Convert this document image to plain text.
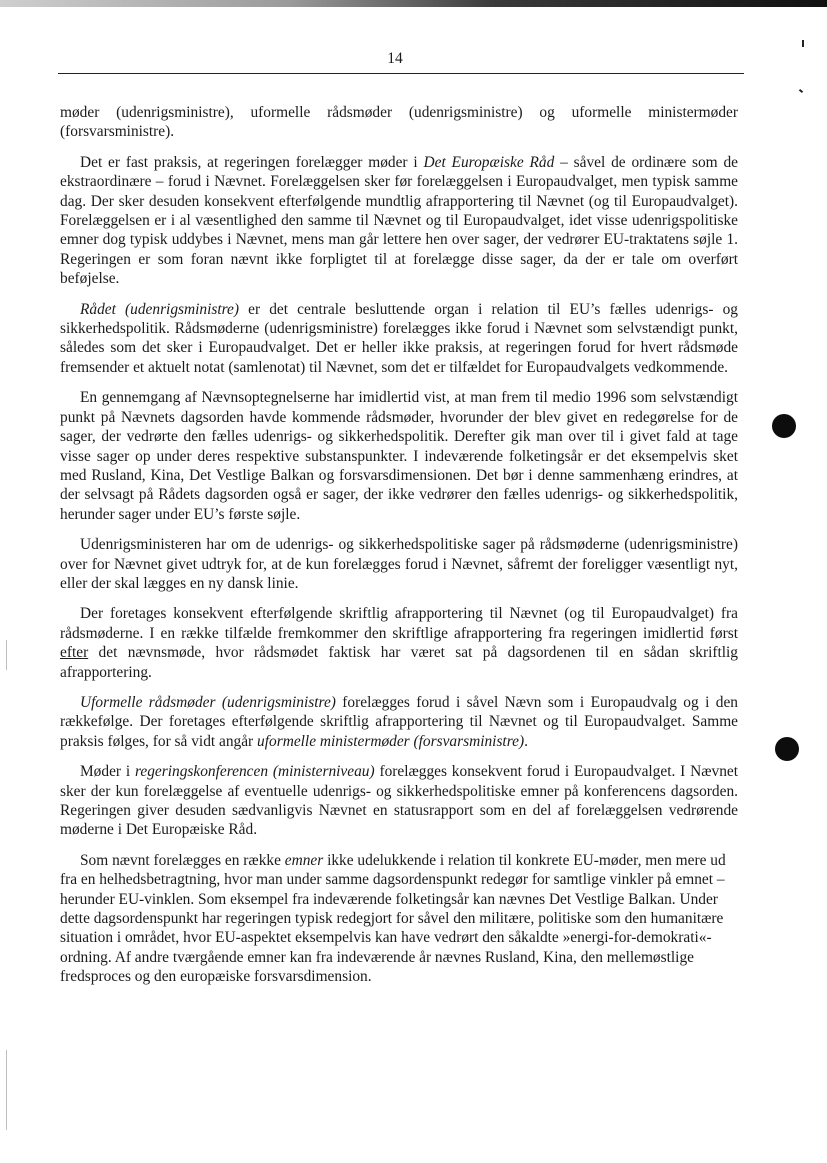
14

møder (udenrigsministre), uformelle rådsmøder (udenrigsministre) og uformelle ministermøder (forsvarsministre).

Det er fast praksis, at regeringen forelægger møder i Det Europæiske Råd – såvel de ordinære som de ekstraordinære – forud i Nævnet. Forelæggelsen sker før forelæggelsen i Europaudvalget, men typisk samme dag. Der sker desuden konsekvent efterfølgende mundtlig afrapportering til Nævnet (og til Europaudvalget). Forelæggelsen er i al væsentlighed den samme til Nævnet og til Europaudvalget, idet visse udenrigspolitiske emner dog typisk uddybes i Nævnet, mens man går lettere hen over sager, der vedrører EU-traktatens søjle 1. Regeringen er som foran nævnt ikke forpligtet til at forelægge disse sager, da der er tale om overført beføjelse.

Rådet (udenrigsministre) er det centrale besluttende organ i relation til EU’s fælles udenrigs- og sikkerhedspolitik. Rådsmøderne (udenrigsministre) forelægges ikke forud i Nævnet som selvstændigt punkt, således som det sker i Europaudvalget. Det er heller ikke praksis, at regeringen forud for hvert rådsmøde fremsender et aktuelt notat (samlenotat) til Nævnet, som det er tilfældet for Europaudvalgets vedkommende.

En gennemgang af Nævnsoptegnelserne har imidlertid vist, at man frem til medio 1996 som selvstændigt punkt på Nævnets dagsorden havde kommende rådsmøder, hvorunder der blev givet en redegørelse for de sager, der vedrørte den fælles udenrigs- og sikkerhedspolitik. Derefter gik man over til i givet fald at tage visse sager op under deres respektive substanspunkter. I indeværende folketingsår er det eksempelvis sket med Rusland, Kina, Det Vestlige Balkan og forsvarsdimensionen. Det bør i denne sammenhæng erindres, at der selvsagt på Rådets dagsorden også er sager, der ikke vedrører den fælles udenrigs- og sikkerhedspolitik, herunder sager under EU’s første søjle.

Udenrigsministeren har om de udenrigs- og sikkerhedspolitiske sager på rådsmøderne (udenrigsministre) over for Nævnet givet udtryk for, at de kun forelægges forud i Nævnet, såfremt der foreligger væsentligt nyt, eller der skal lægges en ny dansk linie.

Der foretages konsekvent efterfølgende skriftlig afrapportering til Nævnet (og til Europaudvalget) fra rådsmøderne. I en række tilfælde fremkommer den skriftlige afrapportering fra regeringen imidlertid først efter det nævnsmøde, hvor rådsmødet faktisk har været sat på dagsordenen til en sådan skriftlig afrapportering.

Uformelle rådsmøder (udenrigsministre) forelægges forud i såvel Nævn som i Europaudvalg og i den rækkefølge. Der foretages efterfølgende skriftlig afrapportering til Nævnet og til Europaudvalget. Samme praksis følges, for så vidt angår uformelle ministermøder (forsvarsministre).

Møder i regeringskonferencen (ministerniveau) forelægges konsekvent forud i Europaudvalget. I Nævnet sker der kun forelæggelse af eventuelle udenrigs- og sikkerhedspolitiske emner på konferencens dagsorden. Regeringen giver desuden sædvanligvis Nævnet en statusrapport som en del af forelæggelsen vedrørende møderne i Det Europæiske Råd.

Som nævnt forelægges en række emner ikke udelukkende i relation til konkrete EU-møder, men mere ud fra en helhedsbetragtning, hvor man under samme dagsordenspunkt redegør for samtlige vinkler på emnet – herunder EU-vinklen. Som eksempel fra indeværende folketingsår kan nævnes Det Vestlige Balkan. Under dette dagsordenspunkt har regeringen typisk redegjort for såvel den militære, politiske som den humanitære situation i området, hvor EU-aspektet eksempelvis kan have vedrørt den såkaldte »energi-for-demokrati«-ordning. Af andre tværgående emner kan fra indeværende år nævnes Rusland, Kina, den mellemøstlige fredsproces og den europæiske forsvarsdimension.
